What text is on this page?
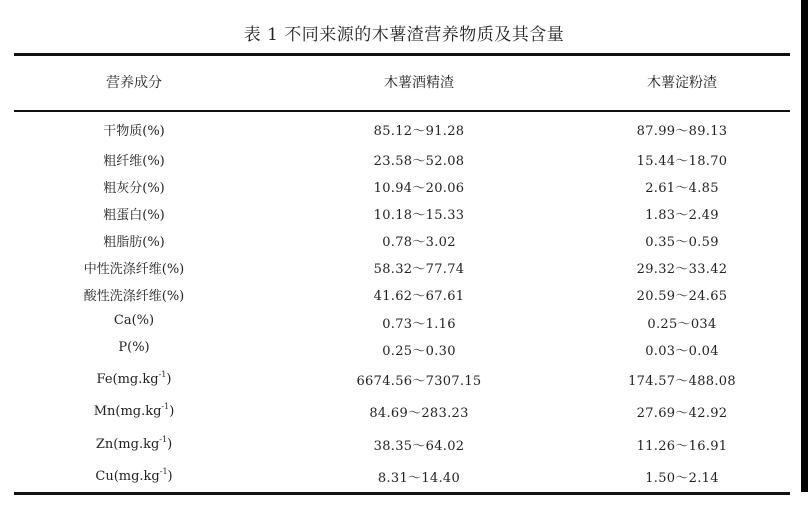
表 1 不同来源的木薯渣营养物质及其含量
营养成分	木薯酒精渣	木薯淀粉渣
干物质(%)	85.12～91.28	87.99～89.13
粗纤维(%)	23.58～52.08	15.44～18.70
粗灰分(%)	10.94～20.06	2.61～4.85
粗蛋白(%)	10.18～15.33	1.83～2.49
粗脂肪(%)	0.78～3.02	0.35～0.59
中性洗涤纤维(%)	58.32～77.74	29.32～33.42
酸性洗涤纤维(%)	41.62～67.61	20.59～24.65
Ca(%)	0.73～1.16	0.25～034
P(%)	0.25～0.30	0.03～0.04
$Fe(mg.kg^{-1})$	6674.56～7307.15	174.57～488.08
$Mn(mg.kg^{-1})$	84.69～283.23	27.69～42.92
$Zn(mg.kg^{-1})$	38.35～64.02	11.26～16.91
$Cu(mg.kg^{-1})$	8.31～14.40	1.50～2.14
